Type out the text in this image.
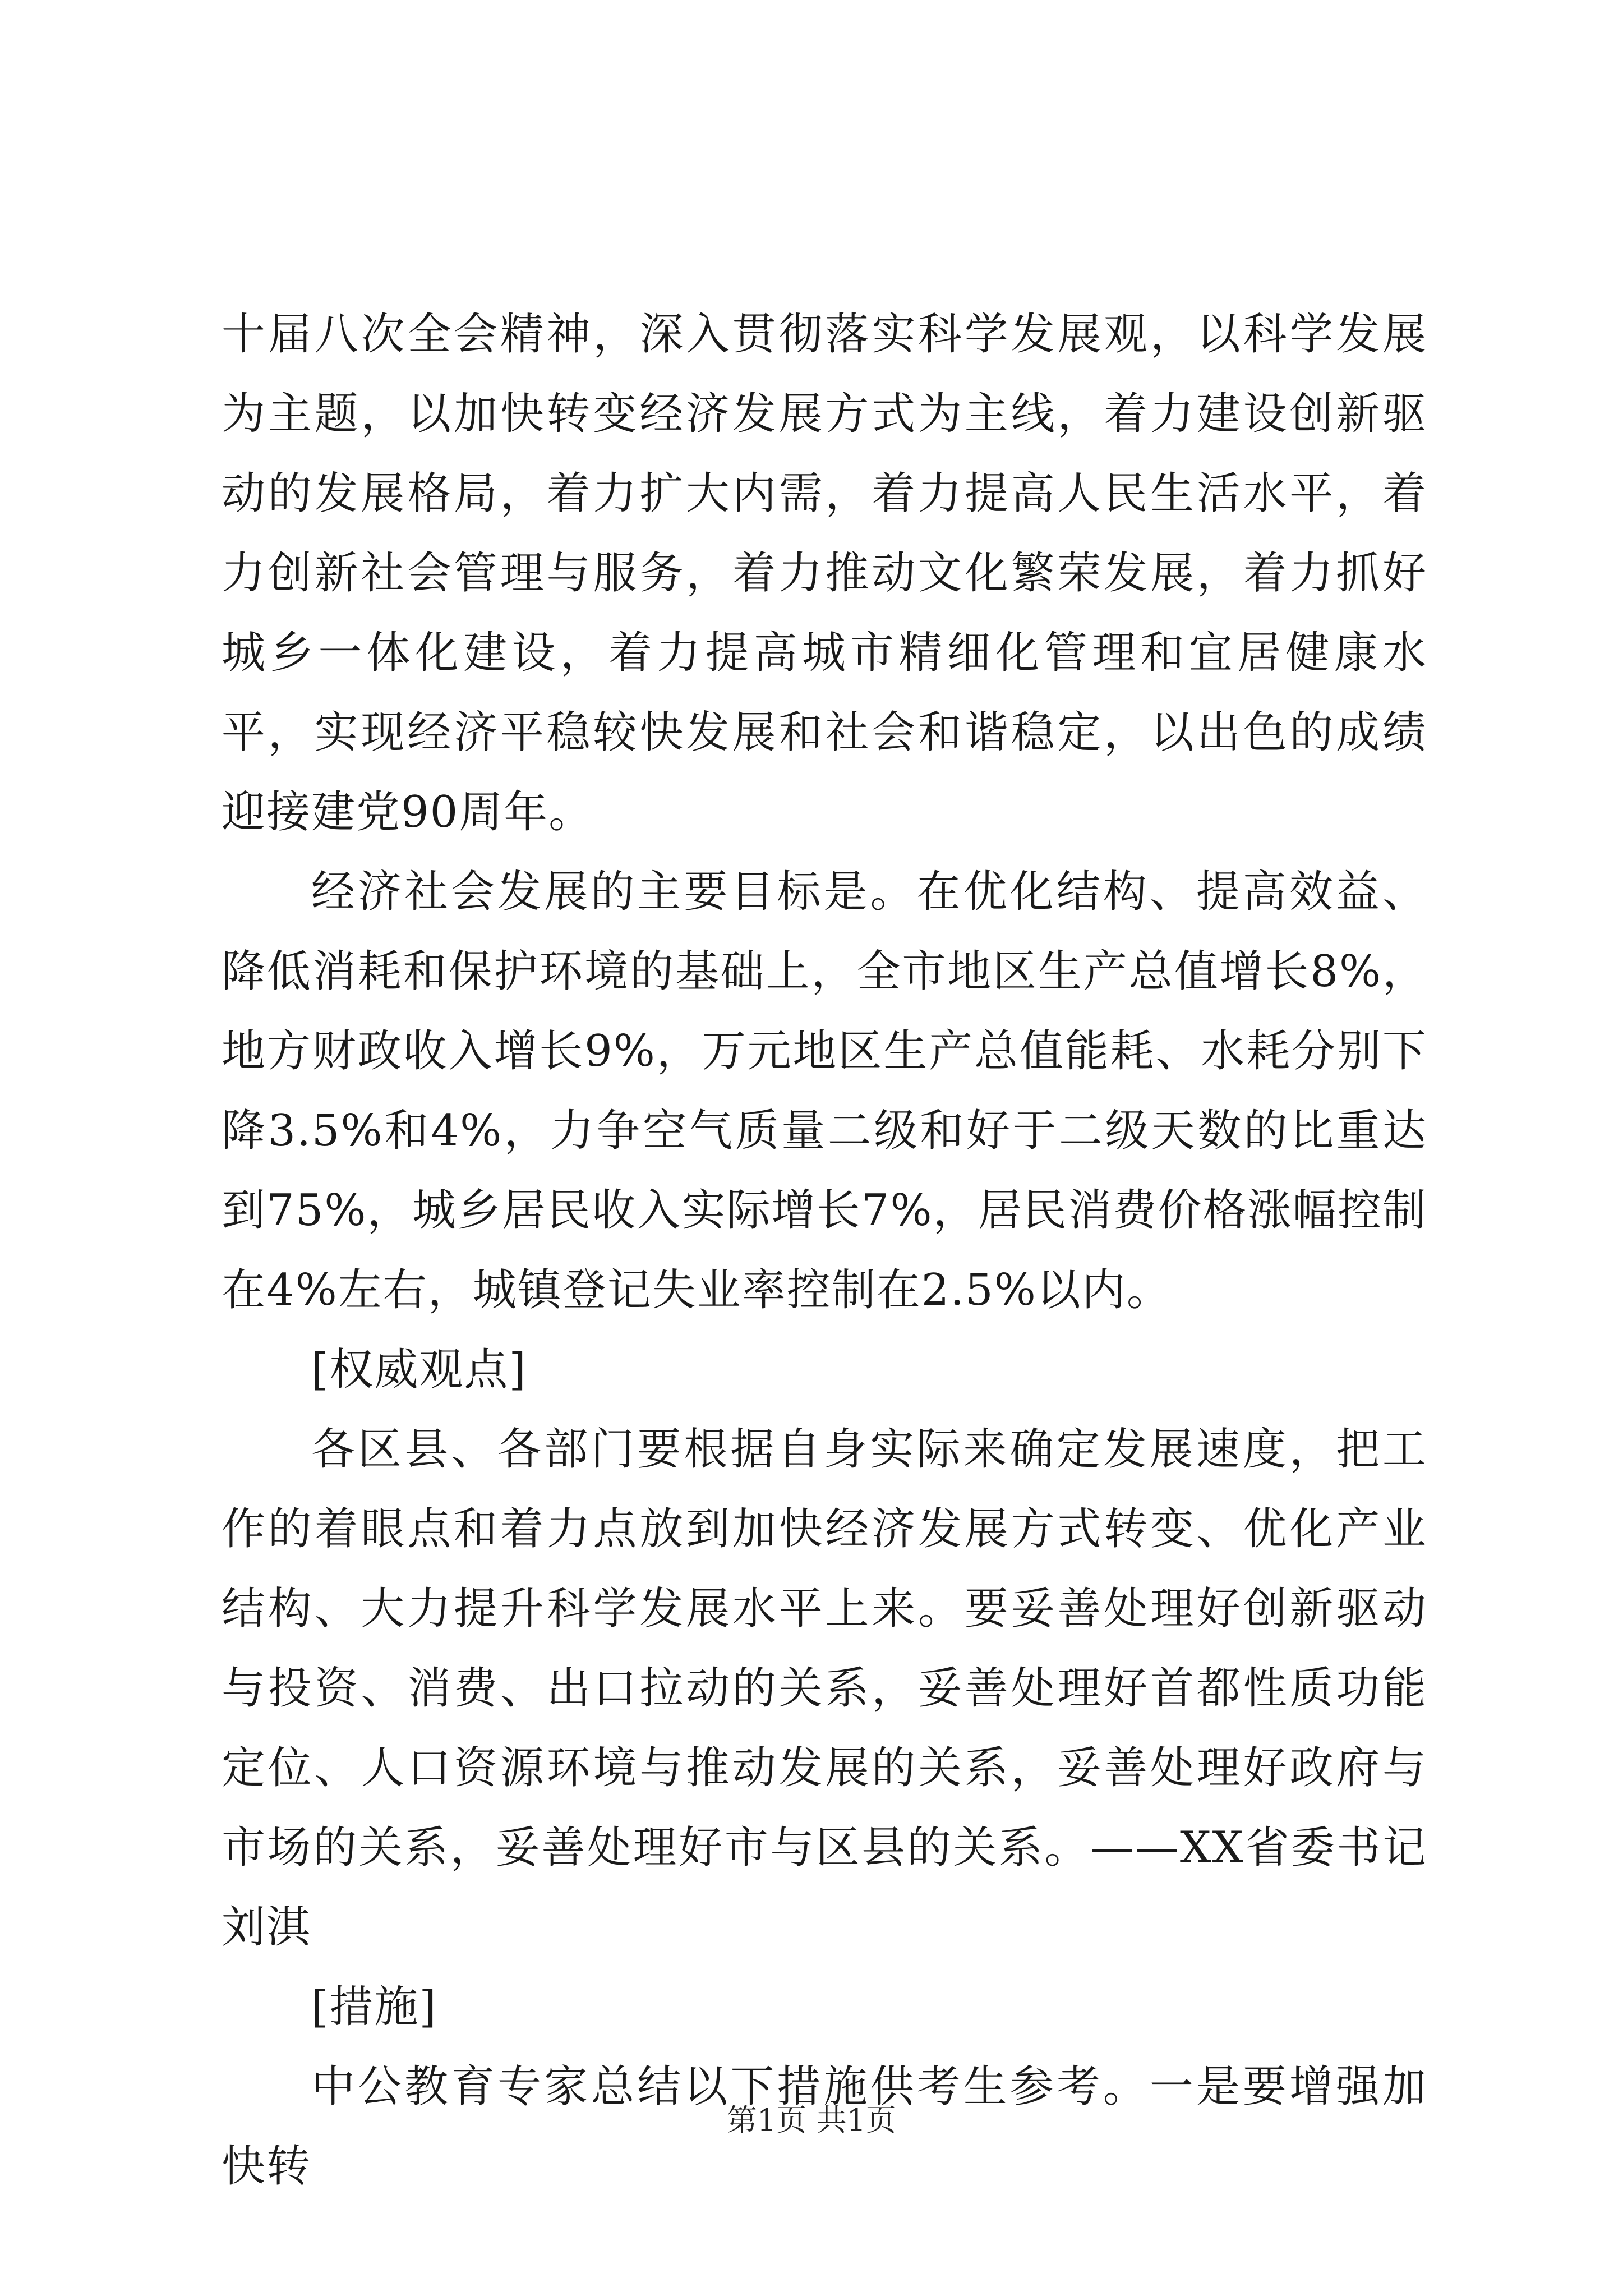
十届八次全会精神，深入贯彻落实科学发展观，以科学发展为主题，以加快转变经济发展方式为主线，着力建设创新驱动的发展格局，着力扩大内需，着力提高人民生活水平，着力创新社会管理与服务，着力推动文化繁荣发展，着力抓好城乡一体化建设，着力提高城市精细化管理和宜居健康水平，实现经济平稳较快发展和社会和谐稳定，以出色的成绩迎接建党90周年。

经济社会发展的主要目标是。在优化结构、提高效益、降低消耗和保护环境的基础上，全市地区生产总值增长8%，地方财政收入增长9%，万元地区生产总值能耗、水耗分别下降3.5%和4%，力争空气质量二级和好于二级天数的比重达到75%，城乡居民收入实际增长7%，居民消费价格涨幅控制在4%左右，城镇登记失业率控制在2.5%以内。

[权威观点]

各区县、各部门要根据自身实际来确定发展速度，把工作的着眼点和着力点放到加快经济发展方式转变、优化产业结构、大力提升科学发展水平上来。要妥善处理好创新驱动与投资、消费、出口拉动的关系，妥善处理好首都性质功能定位、人口资源环境与推动发展的关系，妥善处理好政府与市场的关系，妥善处理好市与区县的关系。——XX省委书记刘淇

[措施]

中公教育专家总结以下措施供考生参考。一是要增强加快转

第1页 共1页
